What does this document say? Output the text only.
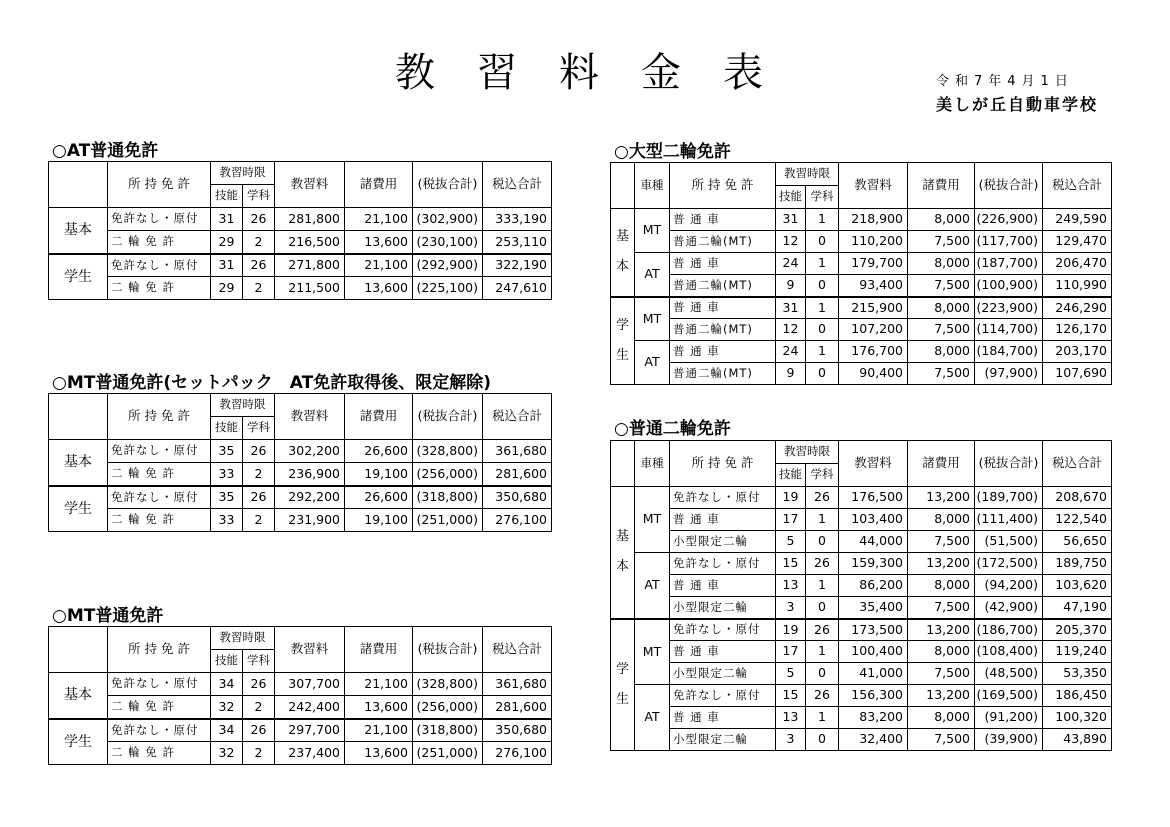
教習料金表	令和7年4月1日
美しが丘自動車学校
○AT普通免許
	所 持 免 許	教習時限		教習料	諸費用	(税抜合計)	税込合計
		技能	学科				
基本	免許なし・原付	31	26	281,800	21,100	(302,900)	333,190
	二 輪 免 許	29	2	216,500	13,600	(230,100)	253,110
学生	免許なし・原付	31	26	271,800	21,100	(292,900)	322,190
	二 輪 免 許	29	2	211,500	13,600	(225,100)	247,610
○MT普通免許(セットパック　AT免許取得後、限定解除)
	所 持 免 許	教習時限		教習料	諸費用	(税抜合計)	税込合計
		技能	学科				
基本	免許なし・原付	35	26	302,200	26,600	(328,800)	361,680
	二 輪 免 許	33	2	236,900	19,100	(256,000)	281,600
学生	免許なし・原付	35	26	292,200	26,600	(318,800)	350,680
	二 輪 免 許	33	2	231,900	19,100	(251,000)	276,100
○MT普通免許
	所 持 免 許	教習時限		教習料	諸費用	(税抜合計)	税込合計
		技能	学科				
基本	免許なし・原付	34	26	307,700	21,100	(328,800)	361,680
	二 輪 免 許	32	2	242,400	13,600	(256,000)	281,600
学生	免許なし・原付	34	26	297,700	21,100	(318,800)	350,680
	二 輪 免 許	32	2	237,400	13,600	(251,000)	276,100
○大型二輪免許
	車種	所 持 免 許	教習時限		教習料	諸費用	(税抜合計)	税込合計
			技能	学科				
基
本	MT	普 通 車	31	1	218,900	8,000	(226,900)	249,590
		普通二輪(MT)	12	0	110,200	7,500	(117,700)	129,470
	AT	普 通 車	24	1	179,700	8,000	(187,700)	206,470
		普通二輪(MT)	9	0	93,400	7,500	(100,900)	110,990
学
生	MT	普 通 車	31	1	215,900	8,000	(223,900)	246,290
		普通二輪(MT)	12	0	107,200	7,500	(114,700)	126,170
	AT	普 通 車	24	1	176,700	8,000	(184,700)	203,170
		普通二輪(MT)	9	0	90,400	7,500	(97,900)	107,690
○普通二輪免許
	車種	所 持 免 許	教習時限		教習料	諸費用	(税抜合計)	税込合計
			技能	学科				
基
本	MT	免許なし・原付	19	26	176,500	13,200	(189,700)	208,670
		普 通 車	17	1	103,400	8,000	(111,400)	122,540
		小型限定二輪	5	0	44,000	7,500	(51,500)	56,650
	AT	免許なし・原付	15	26	159,300	13,200	(172,500)	189,750
		普 通 車	13	1	86,200	8,000	(94,200)	103,620
		小型限定二輪	3	0	35,400	7,500	(42,900)	47,190
学
生	MT	免許なし・原付	19	26	173,500	13,200	(186,700)	205,370
		普 通 車	17	1	100,400	8,000	(108,400)	119,240
		小型限定二輪	5	0	41,000	7,500	(48,500)	53,350
	AT	免許なし・原付	15	26	156,300	13,200	(169,500)	186,450
		普 通 車	13	1	83,200	8,000	(91,200)	100,320
		小型限定二輪	3	0	32,400	7,500	(39,900)	43,890
